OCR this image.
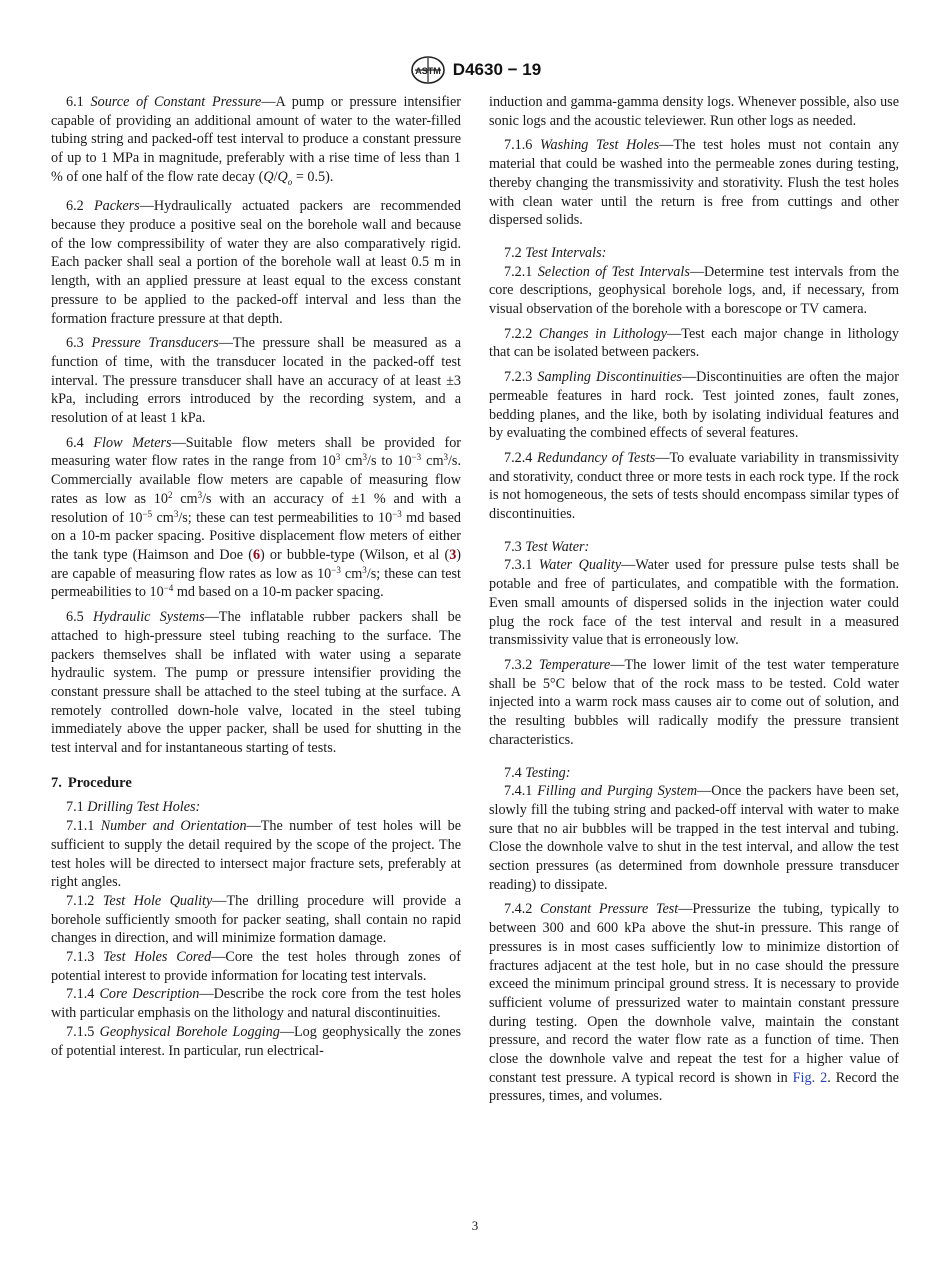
ASTM D4630 − 19

6.1 Source of Constant Pressure—A pump or pressure intensifier capable of providing an additional amount of water to the water-filled tubing string and packed-off test interval to produce a constant pressure of up to 1 MPa in magnitude, preferably with a rise time of less than 1 % of one half of the flow rate decay $(Q/Q_o = 0.5)$.

6.2 Packers—Hydraulically actuated packers are recommended because they produce a positive seal on the borehole wall and because of the low compressibility of water they are also comparatively rigid. Each packer shall seal a portion of the borehole wall at least 0.5 m in length, with an applied pressure at least equal to the excess constant pressure to be applied to the packed-off interval and less than the formation fracture pressure at that depth.

6.3 Pressure Transducers—The pressure shall be measured as a function of time, with the transducer located in the packed-off test interval. The pressure transducer shall have an accuracy of at least ±3 kPa, including errors introduced by the recording system, and a resolution of at least 1 kPa.

6.4 Flow Meters—Suitable flow meters shall be provided for measuring water flow rates in the range from $10^3$ $cm^3/s$ to $10^{-3}$ $cm^3/s$. Commercially available flow meters are capable of measuring flow rates as low as $10^2$ $cm^3/s$ with an accuracy of ±1 % and with a resolution of $10^{-5}$ $cm^3/s$; these can test permeabilities to $10^{-3}$ md based on a 10-m packer spacing. Positive displacement flow meters of either the tank type (Haimson and Doe (6) or bubble-type (Wilson, et al (3) are capable of measuring flow rates as low as $10^{-3}$ $cm^3/s$; these can test permeabilities to $10^{-4}$ md based on a 10-m packer spacing.

6.5 Hydraulic Systems—The inflatable rubber packers shall be attached to high-pressure steel tubing reaching to the surface. The packers themselves shall be inflated with water using a separate hydraulic system. The pump or pressure intensifier providing the constant pressure shall be attached to the steel tubing at the surface. A remotely controlled down-hole valve, located in the steel tubing immediately above the upper packer, shall be used for shutting in the test interval and for instantaneous starting of tests.

7. Procedure

7.1 Drilling Test Holes:

7.1.1 Number and Orientation—The number of test holes will be sufficient to supply the detail required by the scope of the project. The test holes will be directed to intersect major fracture sets, preferably at right angles.

7.1.2 Test Hole Quality—The drilling procedure will provide a borehole sufficiently smooth for packer seating, shall contain no rapid changes in direction, and will minimize formation damage.

7.1.3 Test Holes Cored—Core the test holes through zones of potential interest to provide information for locating test intervals.

7.1.4 Core Description—Describe the rock core from the test holes with particular emphasis on the lithology and natural discontinuities.

7.1.5 Geophysical Borehole Logging—Log geophysically the zones of potential interest. In particular, run electrical-

induction and gamma-gamma density logs. Whenever possible, also use sonic logs and the acoustic televiewer. Run other logs as needed.

7.1.6 Washing Test Holes—The test holes must not contain any material that could be washed into the permeable zones during testing, thereby changing the transmissivity and storativity. Flush the test holes with clean water until the return is free from cuttings and other dispersed solids.

7.2 Test Intervals:

7.2.1 Selection of Test Intervals—Determine test intervals from the core descriptions, geophysical borehole logs, and, if necessary, from visual observation of the borehole with a borescope or TV camera.

7.2.2 Changes in Lithology—Test each major change in lithology that can be isolated between packers.

7.2.3 Sampling Discontinuities—Discontinuities are often the major permeable features in hard rock. Test jointed zones, fault zones, bedding planes, and the like, both by isolating individual features and by evaluating the combined effects of several features.

7.2.4 Redundancy of Tests—To evaluate variability in transmissivity and storativity, conduct three or more tests in each rock type. If the rock is not homogeneous, the sets of tests should encompass similar types of discontinuities.

7.3 Test Water:

7.3.1 Water Quality—Water used for pressure pulse tests shall be potable and free of particulates, and compatible with the formation. Even small amounts of dispersed solids in the injection water could plug the rock face of the test interval and result in a measured transmissivity value that is erroneously low.

7.3.2 Temperature—The lower limit of the test water temperature shall be 5°C below that of the rock mass to be tested. Cold water injected into a warm rock mass causes air to come out of solution, and the resulting bubbles will radically modify the pressure transient characteristics.

7.4 Testing:

7.4.1 Filling and Purging System—Once the packers have been set, slowly fill the tubing string and packed-off interval with water to make sure that no air bubbles will be trapped in the test interval and tubing. Close the downhole valve to shut in the test interval, and allow the test section pressures (as determined from downhole pressure transducer reading) to dissipate.

7.4.2 Constant Pressure Test—Pressurize the tubing, typically to between 300 and 600 kPa above the shut-in pressure. This range of pressures is in most cases sufficiently low to minimize distortion of fractures adjacent at the test hole, but in no case should the pressure exceed the minimum principal ground stress. It is necessary to provide sufficient volume of pressurized water to maintain constant pressure during testing. Open the downhole valve, maintain the constant pressure, and record the water flow rate as a function of time. Then close the downhole valve and repeat the test for a higher value of constant test pressure. A typical record is shown in Fig. 2. Record the pressures, times, and volumes.

3
